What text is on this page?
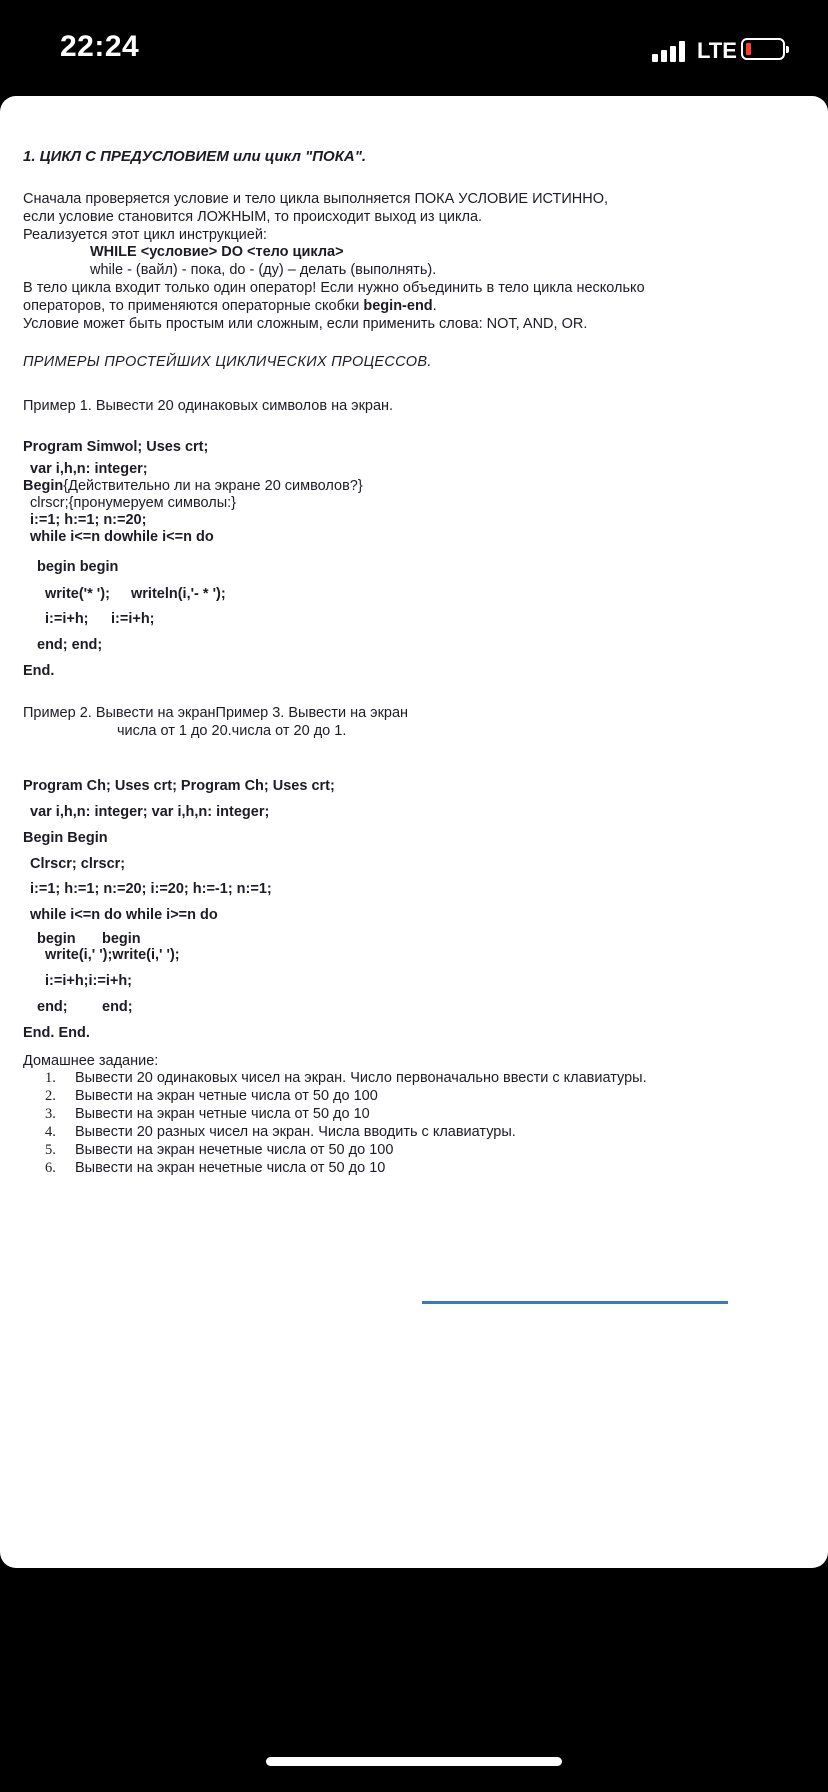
22:24	LTE
1. ЦИКЛ С ПРЕДУСЛОВИЕМ или цикл "ПОКА".
Сначала проверяется условие и тело цикла выполняется ПОКА УСЛОВИЕ ИСТИННО,
если условие становится ЛОЖНЫМ, то происходит выход из цикла.
Реализуется этот цикл инструкцией:
WHILE <условие> DO <тело цикла>
while - (вайл) - пока, do - (ду) – делать (выполнять).
В тело цикла входит только один оператор! Если нужно объединить в тело цикла несколько
операторов, то применяются операторные скобки begin-end.
Условие может быть простым или сложным, если применить слова: NOT, AND, OR.
ПРИМЕРЫ ПРОСТЕЙШИХ ЦИКЛИЧЕСКИХ ПРОЦЕССОВ.
Пример 1. Вывести 20 одинаковых символов на экран.
Program Simwol; Uses crt;
var i,h,n: integer;
Begin{Действительно ли на экране 20 символов?}
clrscr;{пронумеруем символы:}
i:=1; h:=1; n:=20;
while i<=n dowhile i<=n do
begin begin
write('* '); writeln(i,'- * ');
i:=i+h; i:=i+h;
end; end;
End.
Пример 2. Вывести на экранПример 3. Вывести на экран
числа от 1 до 20.числа от 20 до 1.
Program Ch; Uses crt; Program Ch; Uses crt;
var i,h,n: integer; var i,h,n: integer;
Begin Begin
Clrscr; clrscr;
i:=1; h:=1; n:=20; i:=20; h:=-1; n:=1;
while i<=n do while i>=n do
begin begin
write(i,' ');write(i,' ');
i:=i+h;i:=i+h;
end; end;
End. End.
Домашнее задание:
1. Вывести 20 одинаковых чисел на экран. Число первоначально ввести с клавиатуры.
2. Вывести на экран четные числа от 50 до 100
3. Вывести на экран четные числа от 50 до 10
4. Вывести 20 разных чисел на экран. Числа вводить с клавиатуры.
5. Вывести на экран нечетные числа от 50 до 100
6. Вывести на экран нечетные числа от 50 до 10
